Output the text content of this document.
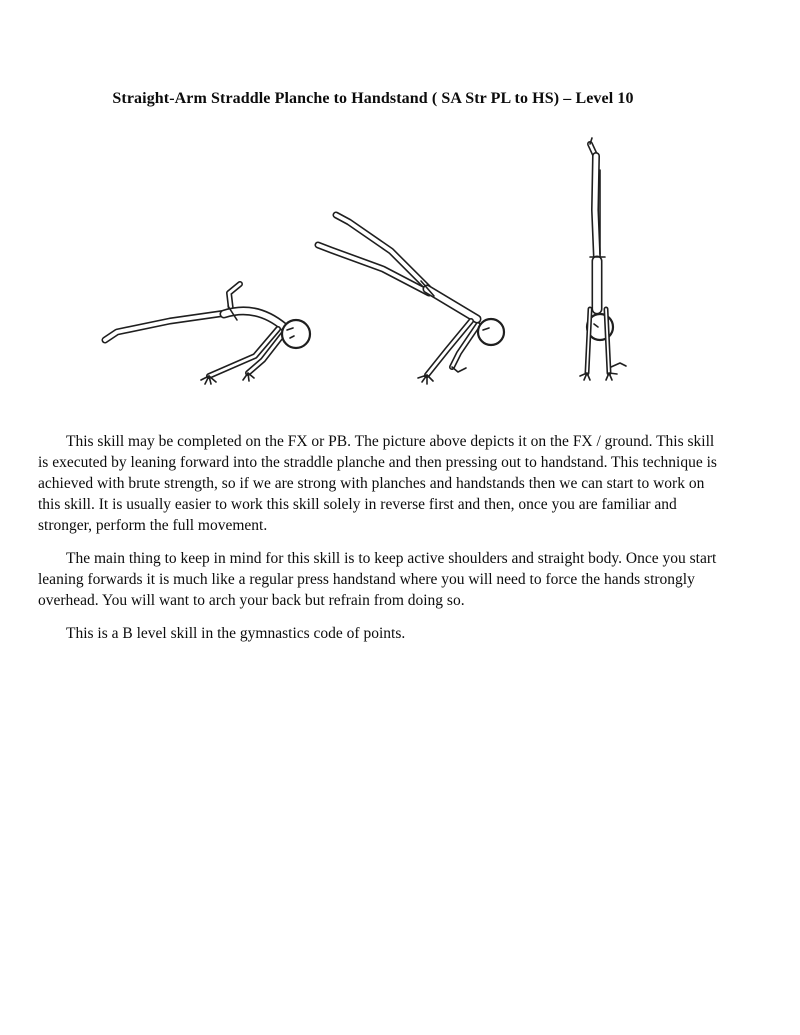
Straight-Arm Straddle Planche to Handstand ( SA Str PL to HS) – Level 10

This skill may be completed on the FX or PB. The picture above depicts it on the FX / ground. This skill is executed by leaning forward into the straddle planche and then pressing out to handstand. This technique is achieved with brute strength, so if we are strong with planches and handstands then we can start to work on this skill. It is usually easier to work this skill solely in reverse first and then, once you are familiar and stronger, perform the full movement.

The main thing to keep in mind for this skill is to keep active shoulders and straight body. Once you start leaning forwards it is much like a regular press handstand where you will need to force the hands strongly overhead. You will want to arch your back but refrain from doing so.

This is a B level skill in the gymnastics code of points.
